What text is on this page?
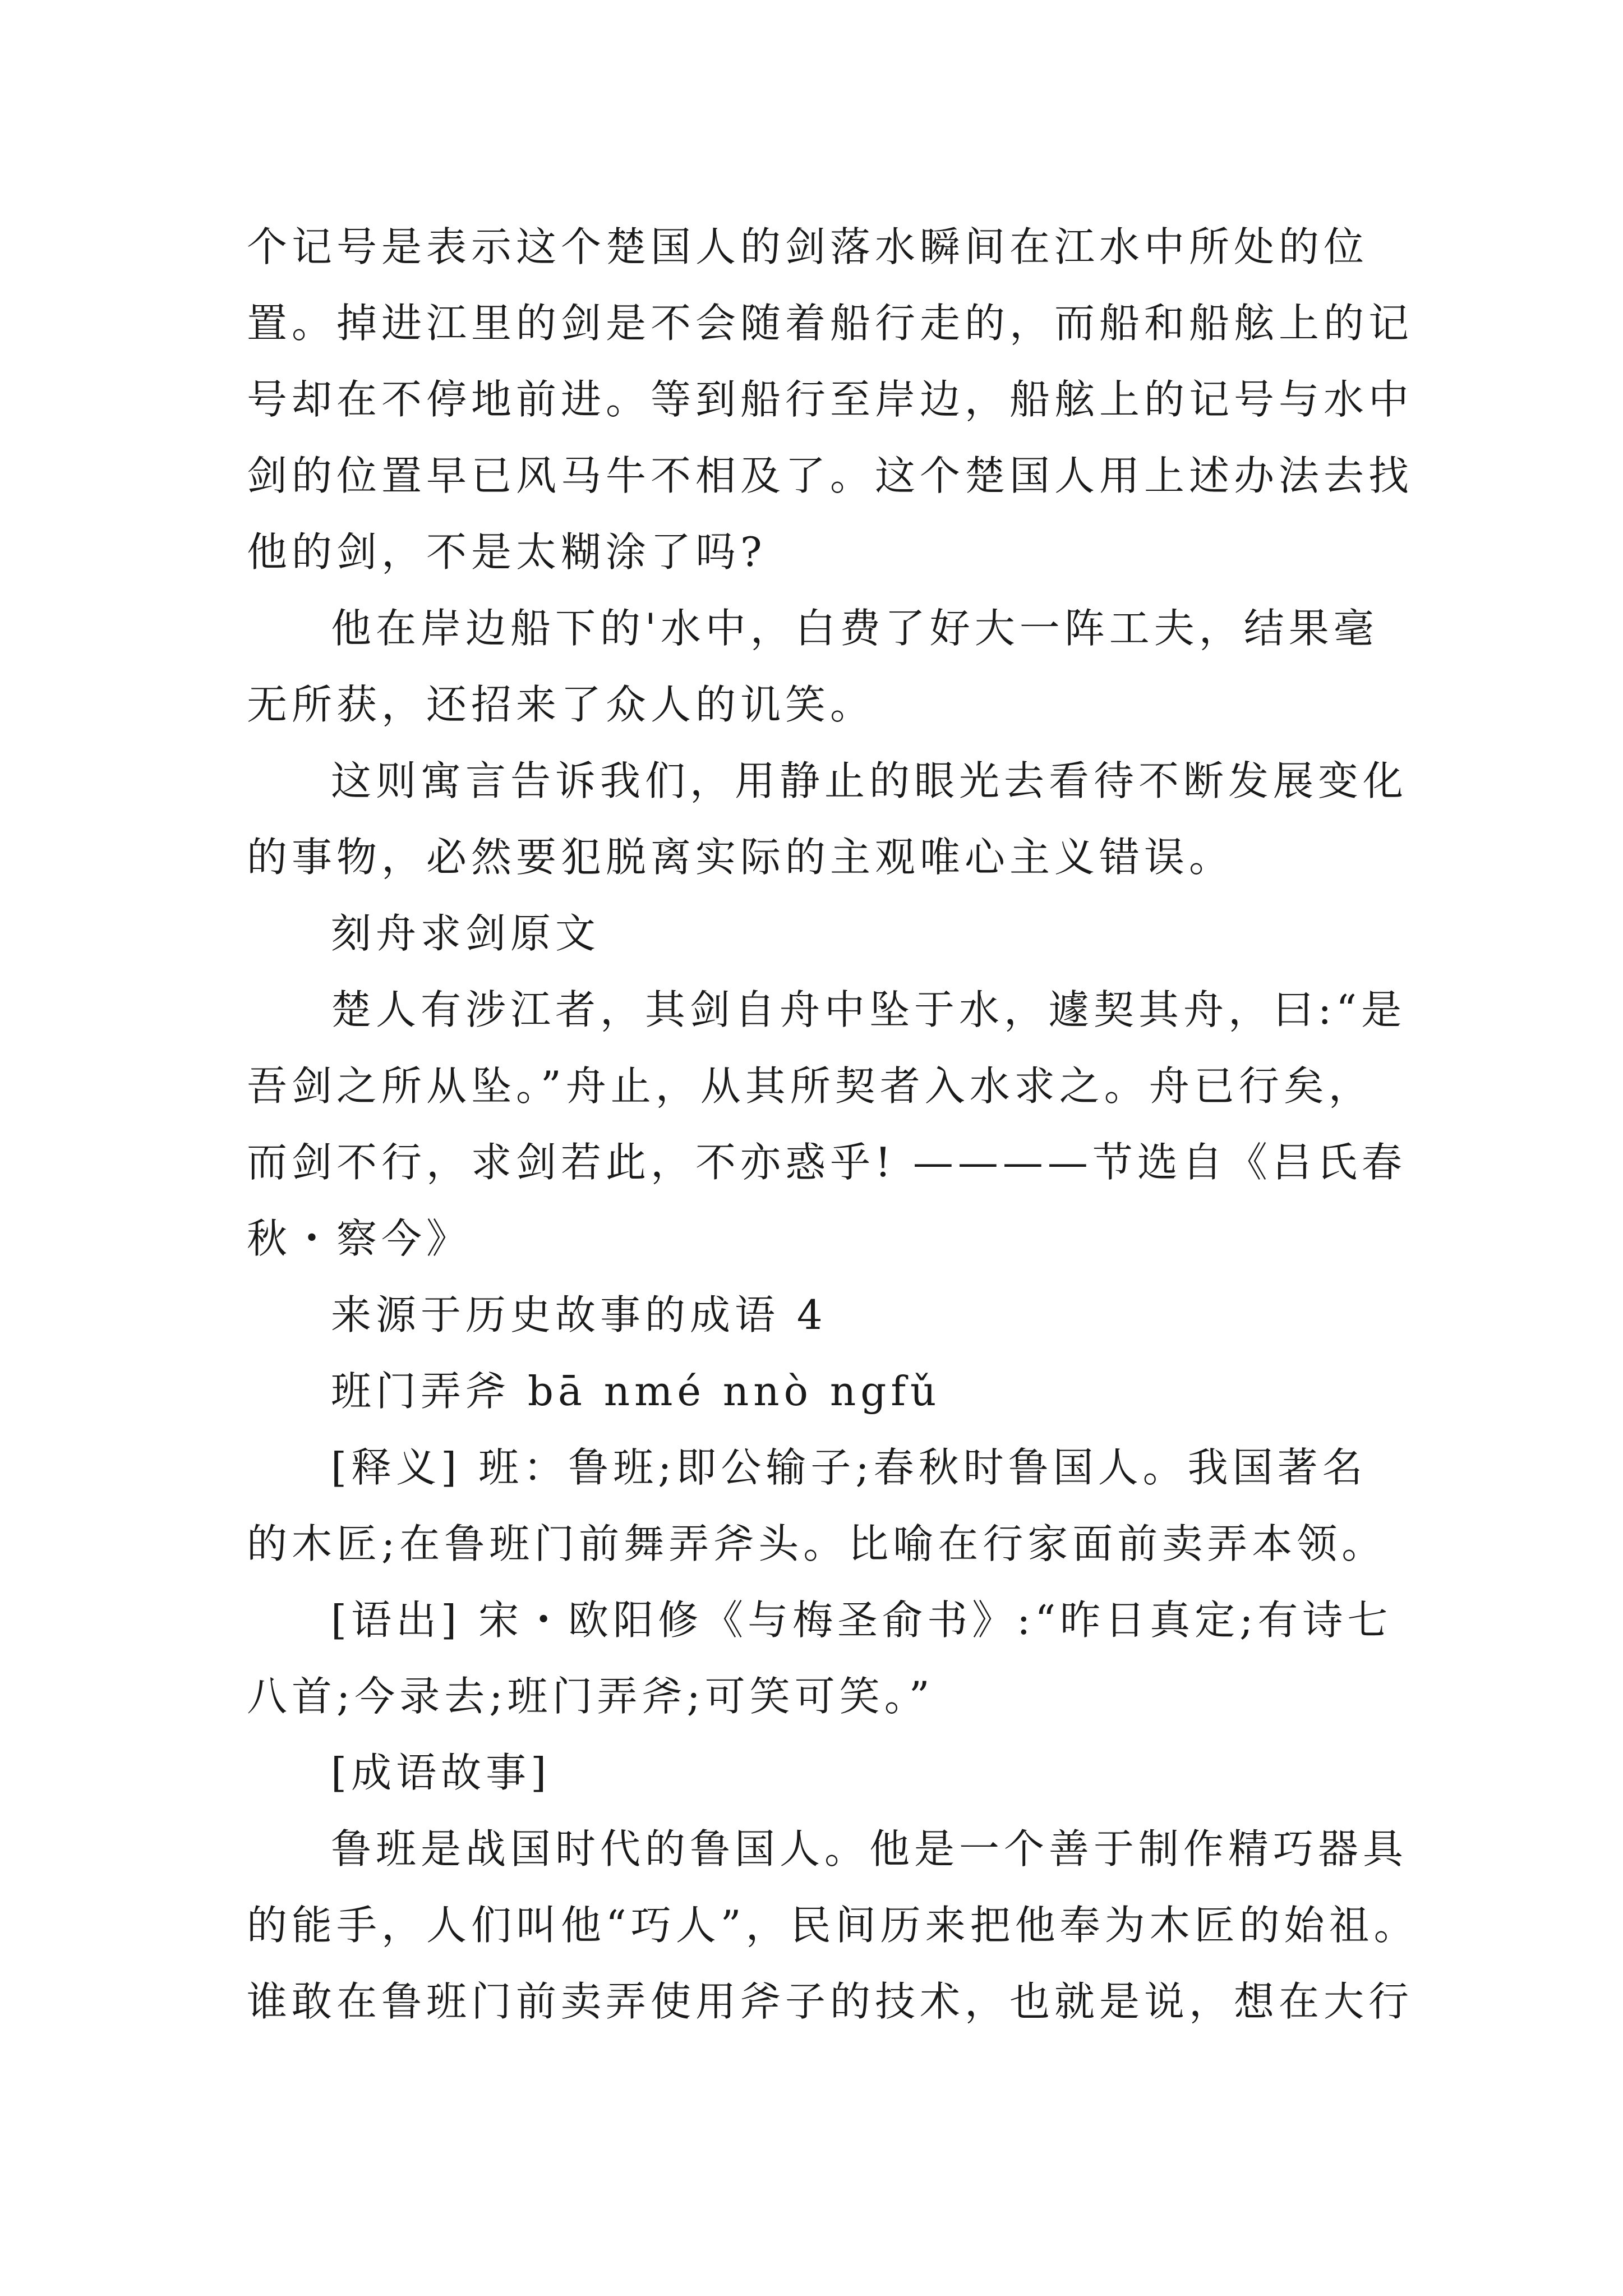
个记号是表示这个楚国人的剑落水瞬间在江水中所处的位
置。掉进江里的剑是不会随着船行走的，而船和船舷上的记
号却在不停地前进。等到船行至岸边，船舷上的记号与水中
剑的位置早已风马牛不相及了。这个楚国人用上述办法去找
他的剑，不是太糊涂了吗?
他在岸边船下的'水中，白费了好大一阵工夫，结果毫
无所获，还招来了众人的讥笑。
这则寓言告诉我们，用静止的眼光去看待不断发展变化
的事物，必然要犯脱离实际的主观唯心主义错误。
刻舟求剑原文
楚人有涉江者，其剑自舟中坠于水，遽契其舟，曰:“是
吾剑之所从坠。”舟止，从其所契者入水求之。舟已行矣，
而剑不行，求剑若此，不亦惑乎! ————节选自《吕氏春
秋・察今》
来源于历史故事的成语 4
班门弄斧 bā nmé nnò ngfǔ
[释义] 班：鲁班;即公输子;春秋时鲁国人。我国著名
的木匠;在鲁班门前舞弄斧头。比喻在行家面前卖弄本领。
[语出] 宋・欧阳修《与梅圣俞书》:“昨日真定;有诗七
八首;今录去;班门弄斧;可笑可笑。”
[成语故事]
鲁班是战国时代的鲁国人。他是一个善于制作精巧器具
的能手，人们叫他“巧人”，民间历来把他奉为木匠的始祖。
谁敢在鲁班门前卖弄使用斧子的技术，也就是说，想在大行
